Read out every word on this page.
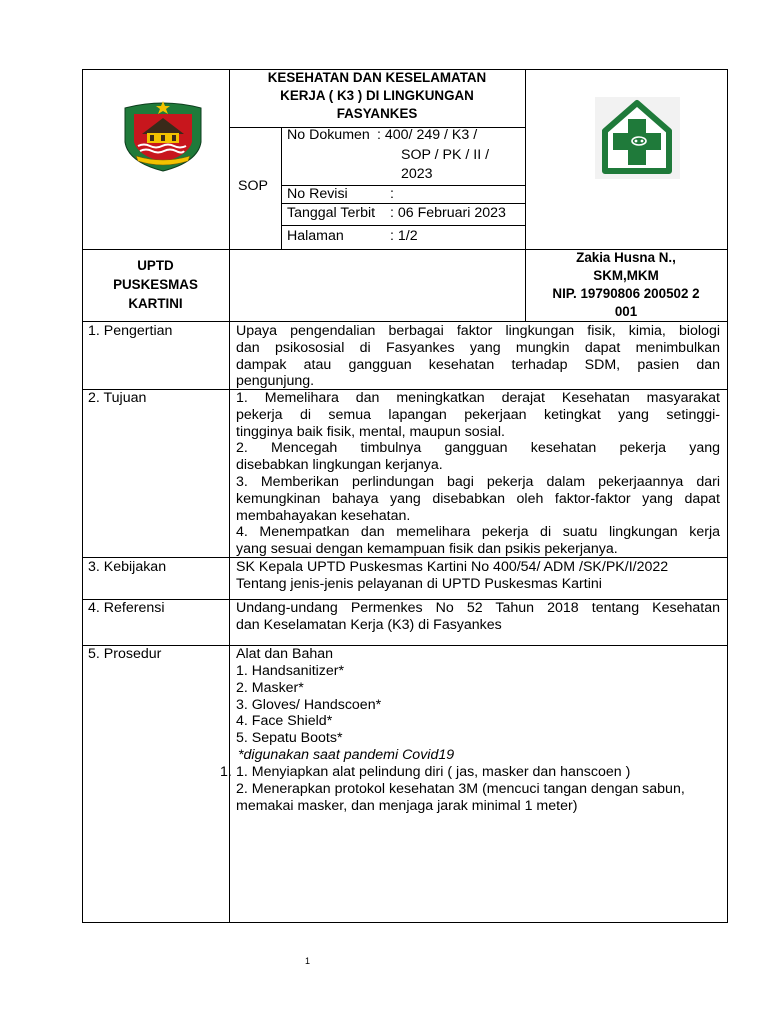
KESEHATAN DAN KESELAMATAN
KERJA ( K3 ) DI LINGKUNGAN
FASYANKES
SOP
No Dokumen : 400/ 249 / K3 /
SOP / PK / II /
2023
No Revisi	:
Tanggal Terbit : 06 Februari 2023
Halaman	: 1/2
UPTD
PUSKESMAS
KARTINI
Zakia Husna N.,
SKM,MKM
NIP. 19790806 200502 2
001
1. Pengertian	Upaya pengendalian berbagai faktor lingkungan fisik, kimia, biologi
dan psikososial di Fasyankes yang mungkin dapat menimbulkan
dampak atau gangguan kesehatan terhadap SDM, pasien dan
pengunjung.
2. Tujuan	1. Memelihara dan meningkatkan derajat Kesehatan masyarakat
pekerja di semua lapangan pekerjaan ketingkat yang setinggi-
tingginya baik fisik, mental, maupun sosial.
2. Mencegah timbulnya gangguan kesehatan pekerja yang
disebabkan lingkungan kerjanya.
3. Memberikan perlindungan bagi pekerja dalam pekerjaannya dari
kemungkinan bahaya yang disebabkan oleh faktor-faktor yang dapat
membahayakan kesehatan.
4. Menempatkan dan memelihara pekerja di suatu lingkungan kerja
yang sesuai dengan kemampuan fisik dan psikis pekerjanya.
3. Kebijakan	SK Kepala UPTD Puskesmas Kartini No 400/54/ ADM /SK/PK/I/2022
Tentang jenis-jenis pelayanan di UPTD Puskesmas Kartini
4. Referensi	Undang-undang Permenkes No 52 Tahun 2018 tentang Kesehatan
dan Keselamatan Kerja (K3) di Fasyankes
5. Prosedur	Alat dan Bahan
1. Handsanitizer*
2. Masker*
3. Gloves/ Handscoen*
4. Face Shield*
5. Sepatu Boots*
*digunakan saat pandemi Covid19
1. 1. Menyiapkan alat pelindung diri ( jas, masker dan hanscoen )
2. Menerapkan protokol kesehatan 3M (mencuci tangan dengan sabun,
memakai masker, dan menjaga jarak minimal 1 meter)
1
